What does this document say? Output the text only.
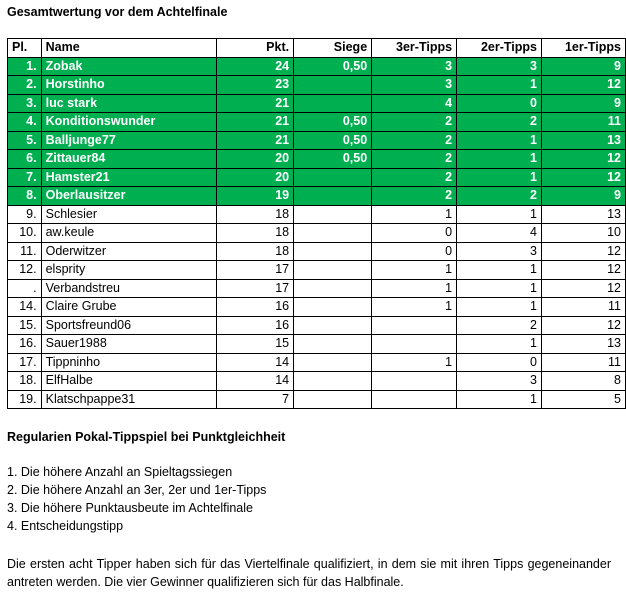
Gesamtwertung vor dem Achtelfinale
Pl.	Name	Pkt.	Siege	3er-Tipps	2er-Tipps	1er-Tipps
1.	Zobak	24	0,50	3	3	9
2.	Horstinho	23		3	1	12
3.	luc stark	21		4	0	9
4.	Konditionswunder	21	0,50	2	2	11
5.	Balljunge77	21	0,50	2	1	13
6.	Zittauer84	20	0,50	2	1	12
7.	Hamster21	20		2	1	12
8.	Oberlausitzer	19		2	2	9
9.	Schlesier	18		1	1	13
10.	aw.keule	18		0	4	10
11.	Oderwitzer	18		0	3	12
12.	elsprity	17		1	1	12
.	Verbandstreu	17		1	1	12
14.	Claire Grube	16		1	1	11
15.	Sportsfreund06	16			2	12
16.	Sauer1988	15			1	13
17.	Tippninho	14		1	0	11
18.	ElfHalbe	14			3	8
19.	Klatschpappe31	7			1	5
Regularien Pokal-Tippspiel bei Punktgleichheit
1. Die höhere Anzahl an Spieltagssiegen
2. Die höhere Anzahl an 3er, 2er und 1er-Tipps
3. Die höhere Punktausbeute im Achtelfinale
4. Entscheidungstipp
Die ersten acht Tipper haben sich für das Viertelfinale qualifiziert, in dem sie mit ihren Tipps gegeneinander antreten werden. Die vier Gewinner qualifizieren sich für das Halbfinale.
